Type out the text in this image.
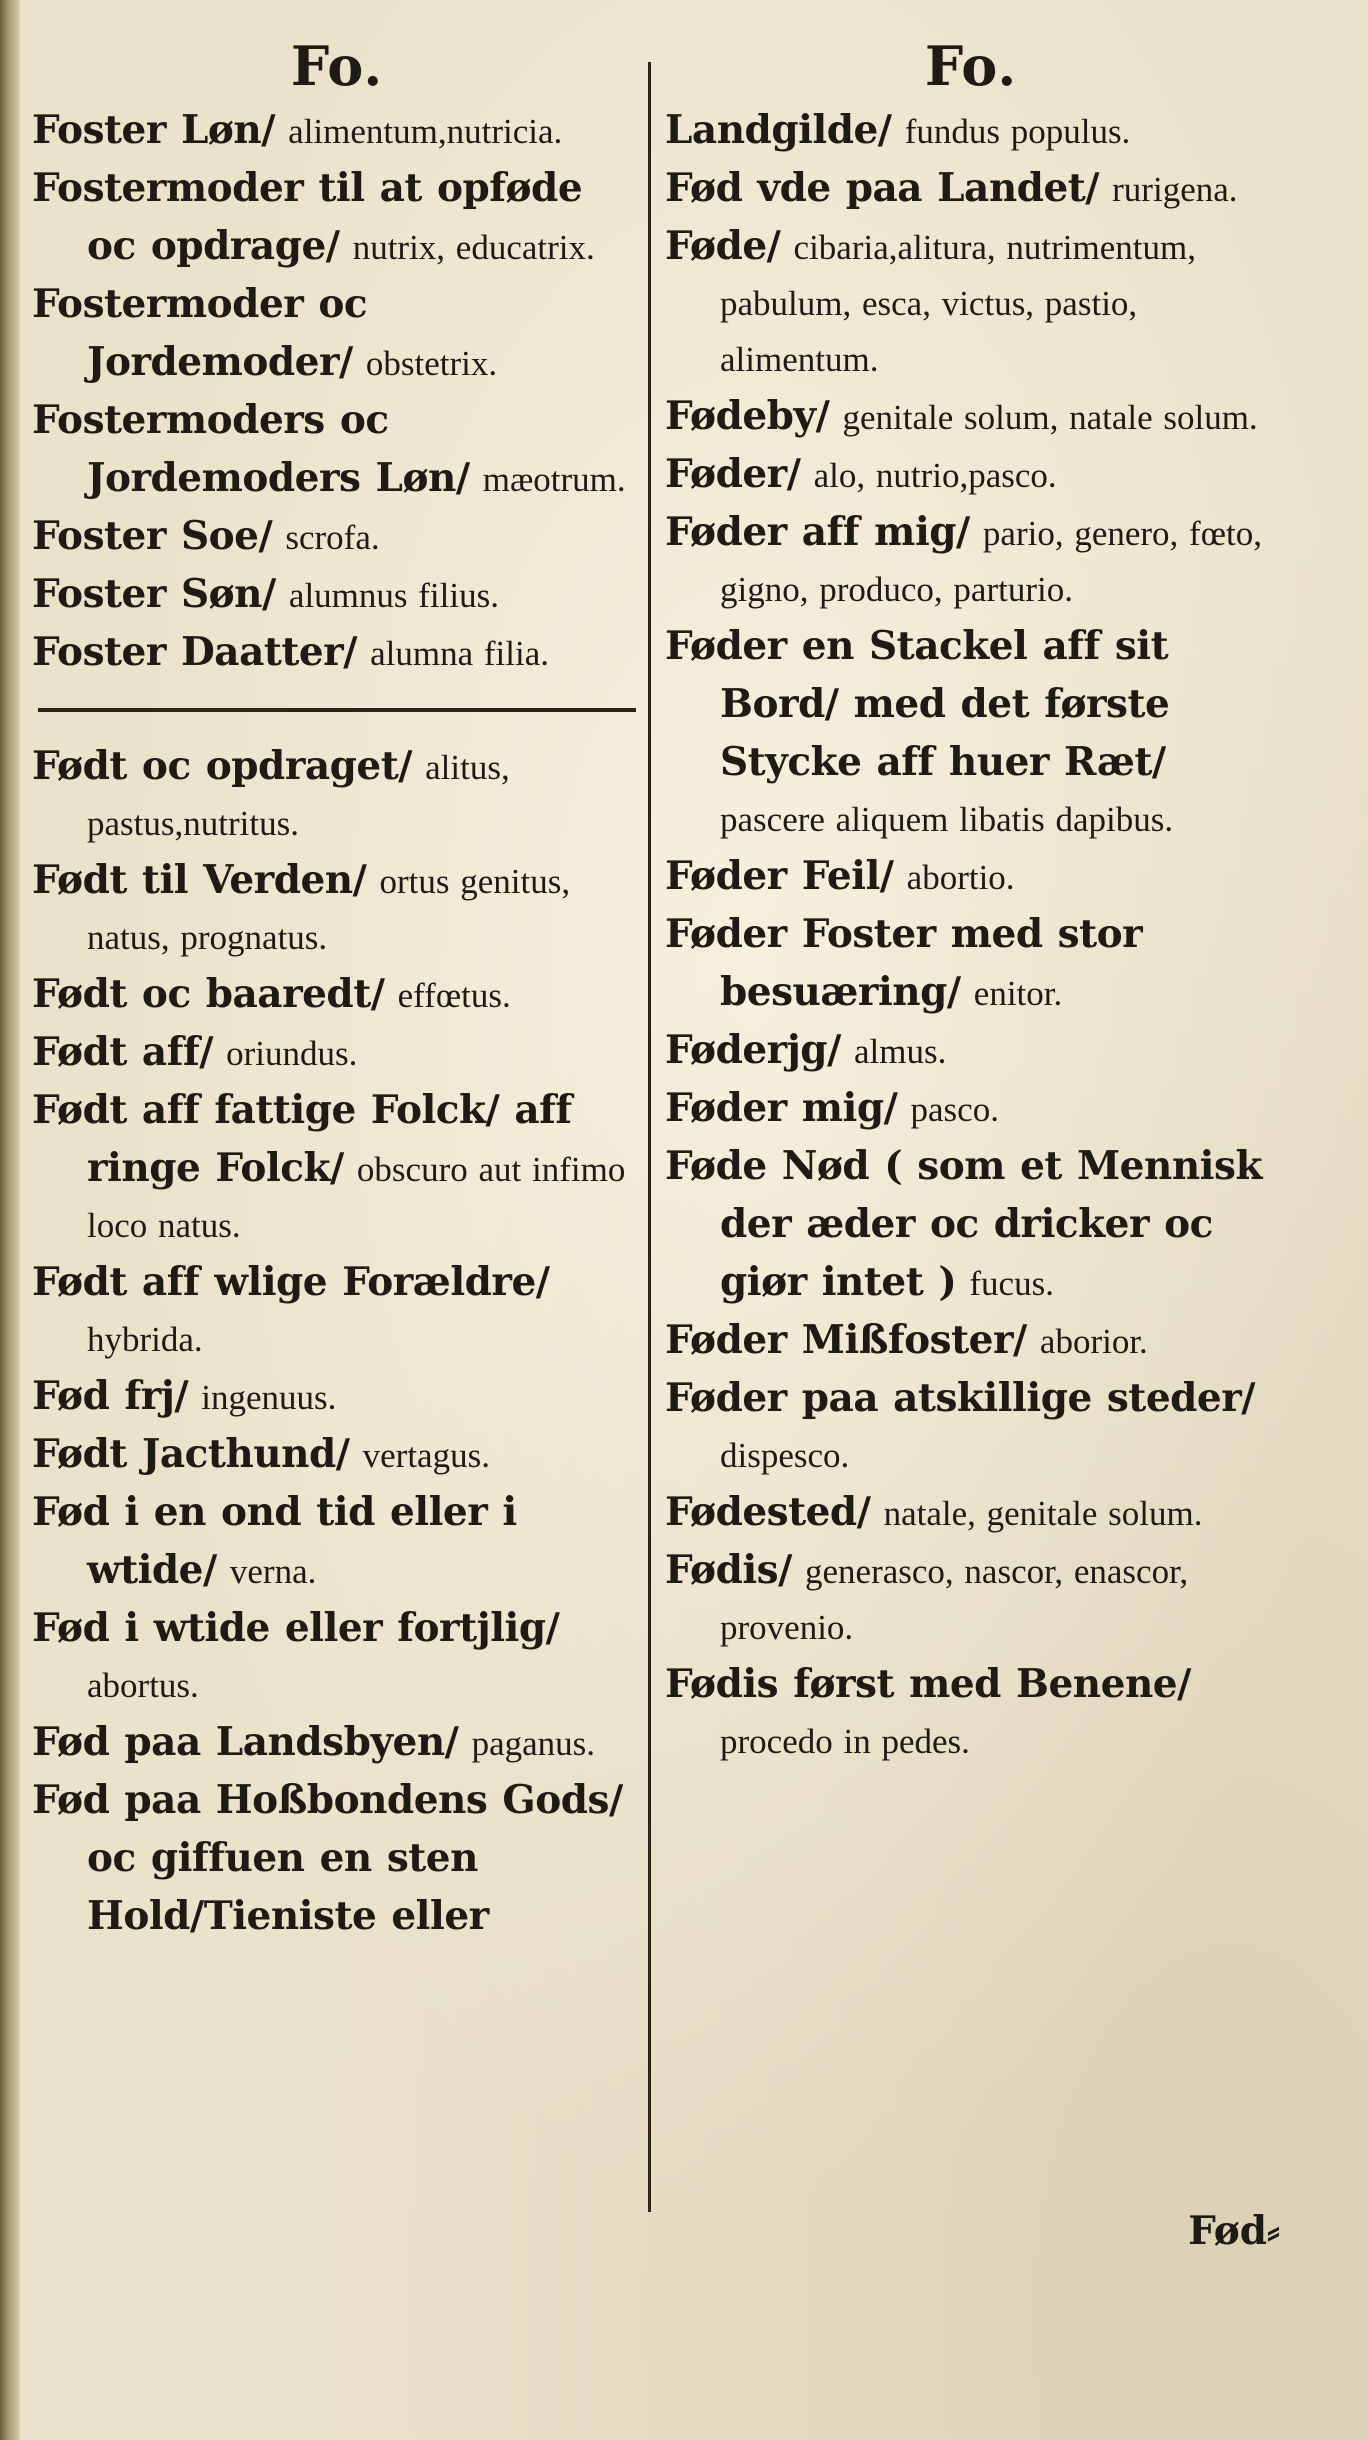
Fo.

Foster Løn/ alimentum,nutricia.

Fostermoder til at opføde oc opdrage/ nutrix, educatrix.

Fostermoder oc Jordemoder/ obstetrix.

Fostermoders oc Jordemoders Løn/ mæotrum.

Foster Soe/ scrofa.

Foster Søn/ alumnus filius.

Foster Daatter/ alumna filia.

Født oc opdraget/ alitus, pastus,nutritus.

Født til Verden/ ortus genitus, natus, prognatus.

Født oc baaredt/ effœtus.

Født aff/ oriundus.

Født aff fattige Folck/ aff ringe Folck/ obscuro aut infimo loco natus.

Født aff wlige Forældre/ hybrida.

Fød frj/ ingenuus.

Født Jacthund/ vertagus.

Fød i en ond tid eller i wtide/ verna.

Fød i wtide eller fortjlig/ abortus.

Fød paa Landsbyen/ paganus.

Fød paa Hoßbondens Gods/ oc giffuen en sten Hold/Tieniste eller

Fo.

Landgilde/ fundus populus.

Fød vde paa Landet/ rurigena.

Føde/ cibaria,alitura, nutrimentum, pabulum, esca, victus, pastio, alimentum.

Fødeby/ genitale solum, natale solum.

Føder/ alo, nutrio,pasco.

Føder aff mig/ pario, genero, fœto, gigno, produco, parturio.

Føder en Stackel aff sit Bord/ med det første Stycke aff huer Ræt/ pascere aliquem libatis dapibus.

Føder Feil/ abortio.

Føder Foster med stor besuæring/ enitor.

Føderjg/ almus.

Føder mig/ pasco.

Føde Nød ( som et Mennisk der æder oc dricker oc giør intet ) fucus.

Føder Mißfoster/ aborior.

Føder paa atskillige steder/ dispesco.

Fødested/ natale, genitale solum.

Fødis/ generasco, nascor, enascor, provenio.

Fødis først med Benene/ procedo in pedes.

Fød⸗
